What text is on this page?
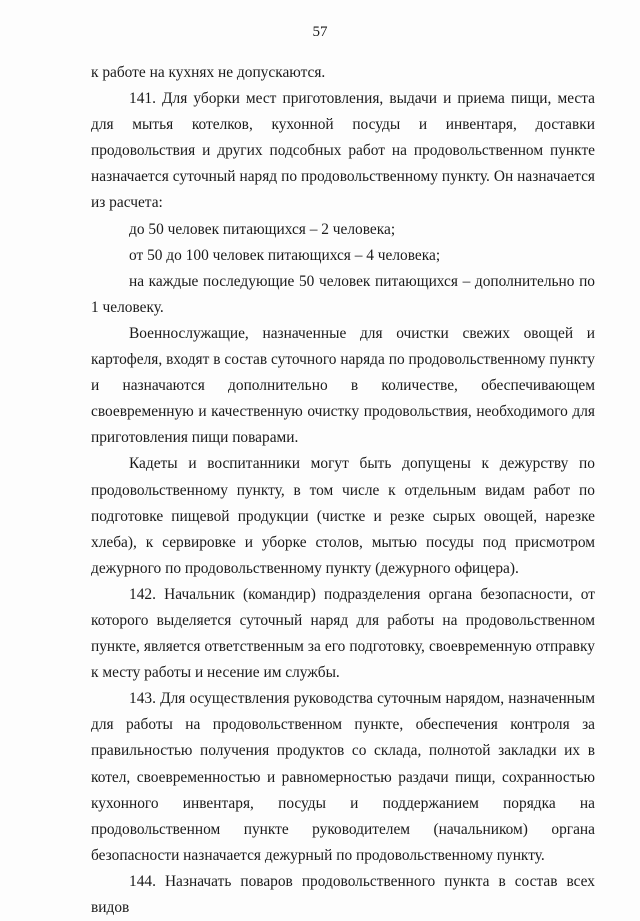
57

к работе на кухнях не допускаются.

141. Для уборки мест приготовления, выдачи и приема пищи, места для мытья котелков, кухонной посуды и инвентаря, доставки продовольствия и других подсобных работ на продовольственном пункте назначается суточный наряд по продовольственному пункту. Он назначается из расчета:

до 50 человек питающихся – 2 человека;

от 50 до 100 человек питающихся – 4 человека;

на каждые последующие 50 человек питающихся – дополнительно по 1 человеку.

Военнослужащие, назначенные для очистки свежих овощей и картофеля, входят в состав суточного наряда по продовольственному пункту и назначаются дополнительно в количестве, обеспечивающем своевременную и качественную очистку продовольствия, необходимого для приготовления пищи поварами.

Кадеты и воспитанники могут быть допущены к дежурству по продовольственному пункту, в том числе к отдельным видам работ по подготовке пищевой продукции (чистке и резке сырых овощей, нарезке хлеба), к сервировке и уборке столов, мытью посуды под присмотром дежурного по продовольственному пункту (дежурного офицера).

142. Начальник (командир) подразделения органа безопасности, от которого выделяется суточный наряд для работы на продовольственном пункте, является ответственным за его подготовку, своевременную отправку к месту работы и несение им службы.

143. Для осуществления руководства суточным нарядом, назначенным для работы на продовольственном пункте, обеспечения контроля за правильностью получения продуктов со склада, полнотой закладки их в котел, своевременностью и равномерностью раздачи пищи, сохранностью кухонного инвентаря, посуды и поддержанием порядка на продовольственном пункте руководителем (начальником) органа безопасности назначается дежурный по продовольственному пункту.

144. Назначать поваров продовольственного пункта в состав всех видов
